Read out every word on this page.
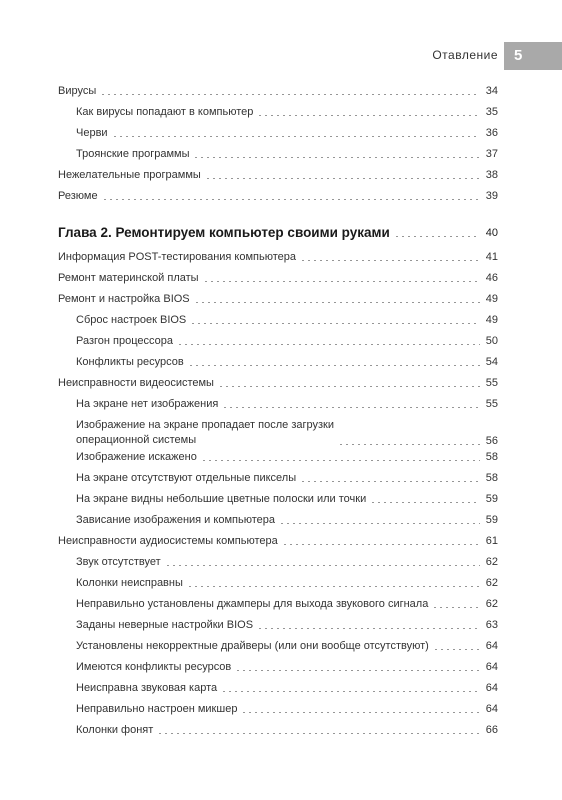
Отавление	5
Вирусы	34
Как вирусы попадают в компьютер	35
Черви	36
Троянские программы	37
Нежелательные программы	38
Резюме	39
Глава 2. Ремонтируем компьютер своими руками	40
Информация POST-тестирования компьютера	41
Ремонт материнской платы	46
Ремонт и настройка BIOS	49
Сброс настроек BIOS	49
Разгон процессора	50
Конфликты ресурсов	54
Неисправности видеосистемы	55
На экране нет изображения	55
Изображение на экране пропадает после загрузки
операционной системы	56
Изображение искажено	58
На экране отсутствуют отдельные пикселы	58
На экране видны небольшие цветные полоски или точки	59
Зависание изображения и компьютера	59
Неисправности аудиосистемы компьютера	61
Звук отсутствует	62
Колонки неисправны	62
Неправильно установлены джамперы для выхода звукового сигнала	62
Заданы неверные настройки BIOS	63
Установлены некорректные драйверы (или они вообще отсутствуют)	64
Имеются конфликты ресурсов	64
Неисправна звуковая карта	64
Неправильно настроен микшер	64
Колонки фонят	66
